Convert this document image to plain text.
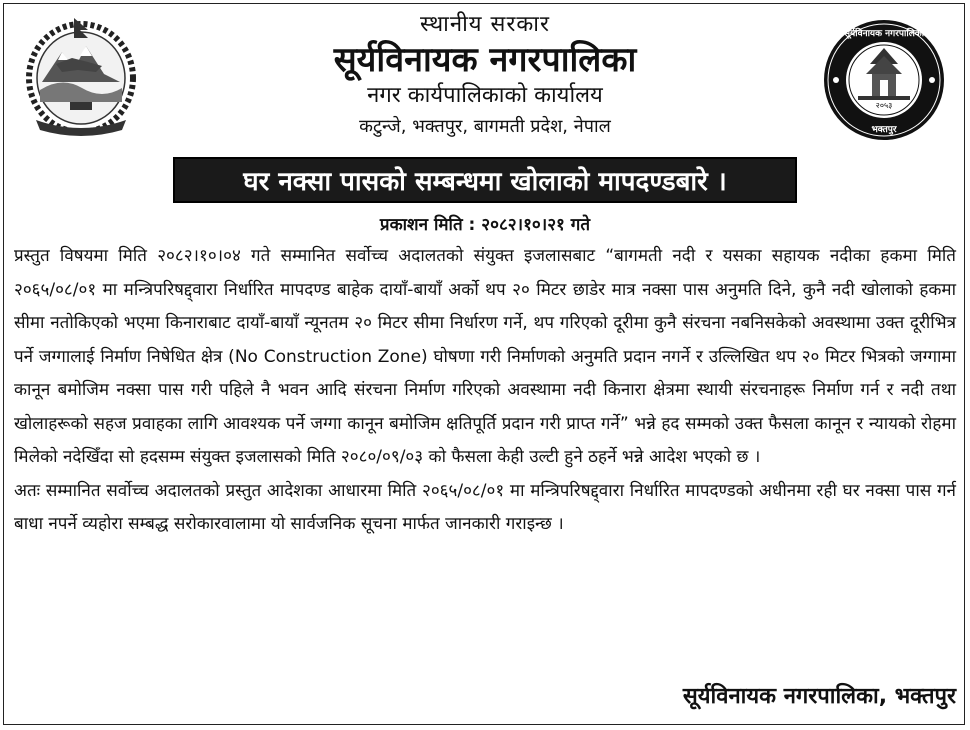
२०५३
सूर्यविनायक नगरपालिका
भक्तपुर

स्थानीय सरकार

सूर्यविनायक नगरपालिका

नगर कार्यपालिकाको कार्यालय

कटुन्जे, भक्तपुर, बागमती प्रदेश, नेपाल

घर नक्सा पासको सम्बन्धमा खोलाको मापदण्डबारे ।
प्रकाशन मिति : २०८२।१०।२१ गते

प्रस्तुत विषयमा मिति २०८२।१०।०४ गते सम्मानित सर्वोच्च अदालतको संयुक्त इजलासबाट “बागमती नदी र यसका सहायक नदीका हकमा मिति २०६५/०८/०१ मा मन्त्रिपरिषद्द्वारा निर्धारित मापदण्ड बाहेक दायाँ-बायाँ अर्को थप २० मिटर छाडेर मात्र नक्सा पास अनुमति दिने, कुनै नदी खोलाको हकमा सीमा नतोकिएको भएमा किनाराबाट दायाँ-बायाँ न्यूनतम २० मिटर सीमा निर्धारण गर्ने, थप गरिएको दूरीमा कुनै संरचना नबनिसकेको अवस्थामा उक्त दूरीभित्र पर्ने जग्गालाई निर्माण निषेधित क्षेत्र (No Construction Zone) घोषणा गरी निर्माणको अनुमति प्रदान नगर्ने र उल्लिखित थप २० मिटर भित्रको जग्गामा कानून बमोजिम नक्सा पास गरी पहिले नै भवन आदि संरचना निर्माण गरिएको अवस्थामा नदी किनारा क्षेत्रमा स्थायी संरचनाहरू निर्माण गर्न र नदी तथा खोलाहरूको सहज प्रवाहका लागि आवश्यक पर्ने जग्गा कानून बमोजिम क्षतिपूर्ति प्रदान गरी प्राप्त गर्ने” भन्ने हद सम्मको उक्त फैसला कानून र न्यायको रोहमा मिलेको नदेखिँदा सो हदसम्म संयुक्त इजलासको मिति २०८०/०९/०३ को फैसला केही उल्टी हुने ठहर्ने भन्ने आदेश भएको छ ।

अतः सम्मानित सर्वोच्च अदालतको प्रस्तुत आदेशका आधारमा मिति २०६५/०८/०१ मा मन्त्रिपरिषद्द्वारा निर्धारित मापदण्डको अधीनमा रही घर नक्सा पास गर्न बाधा नपर्ने व्यहोरा सम्बद्ध सरोकारवालामा यो सार्वजनिक सूचना मार्फत जानकारी गराइन्छ ।

सूर्यविनायक नगरपालिका, भक्तपुर
